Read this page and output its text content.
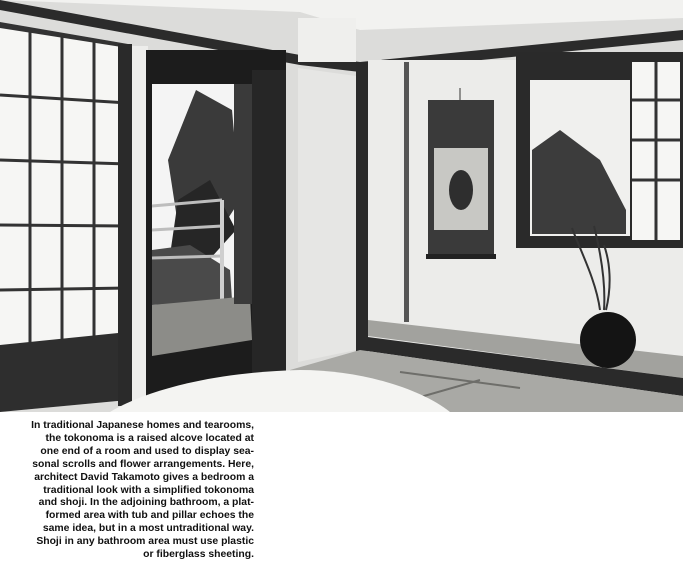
In traditional Japanese homes and tearooms,
the tokonoma is a raised alcove located at
one end of a room and used to display sea-
sonal scrolls and flower arrangements. Here,
architect David Takamoto gives a bedroom a
traditional look with a simplified tokonoma
and shoji. In the adjoining bathroom, a plat-
formed area with tub and pillar echoes the
same idea, but in a most untraditional way.
Shoji in any bathroom area must use plastic
or fiberglass sheeting.
